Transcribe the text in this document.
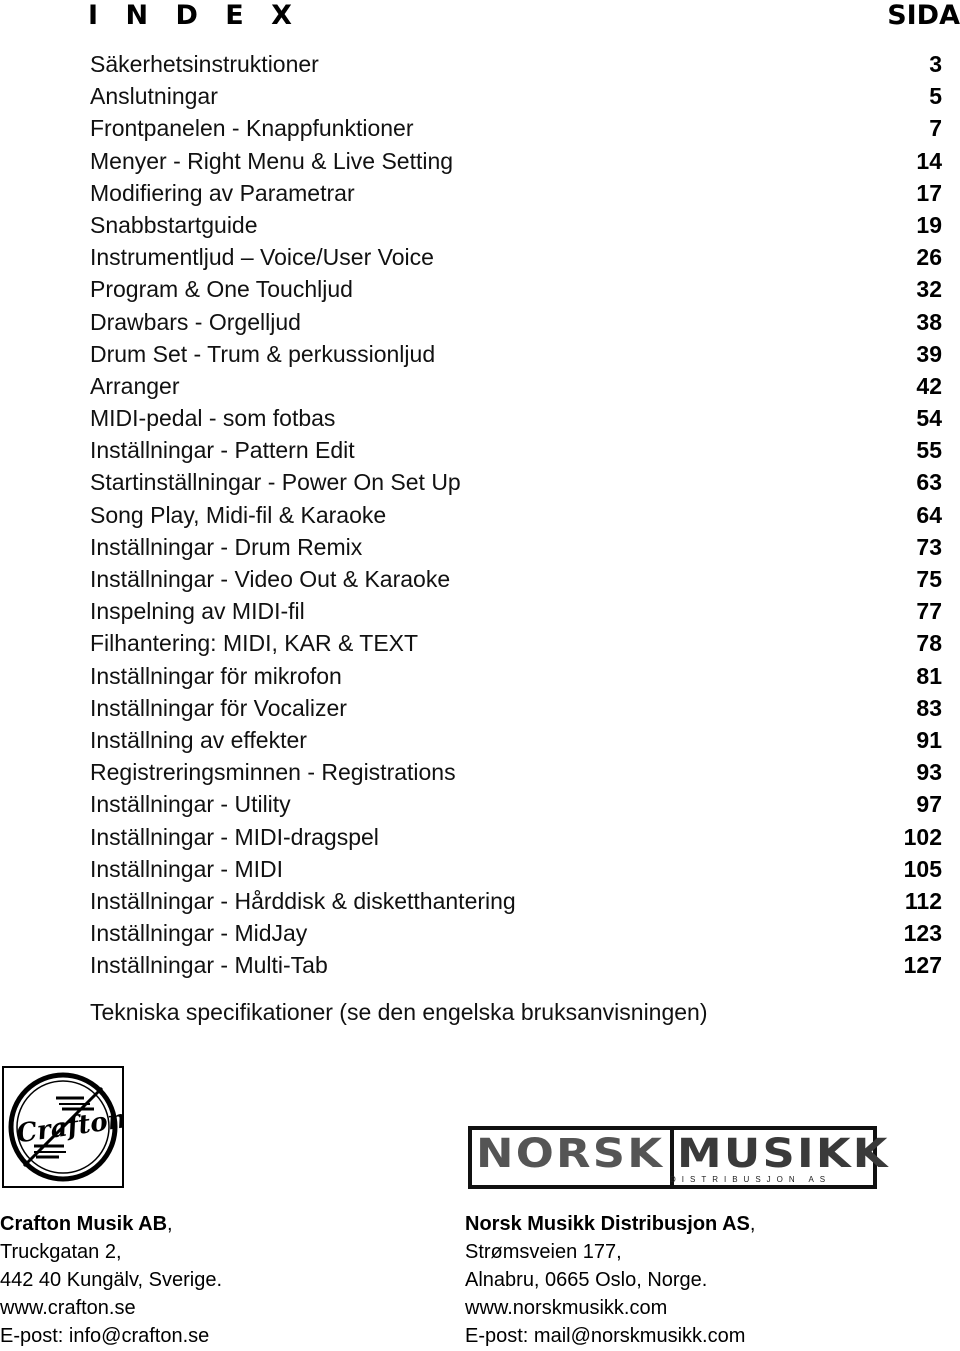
I N D E X	SIDA
Säkerhetsinstruktioner	3
Anslutningar	5
Frontpanelen - Knappfunktioner	7
Menyer - Right Menu & Live Setting	14
Modifiering av Parametrar	17
Snabbstartguide	19
Instrumentljud – Voice/User Voice	26
Program & One Touchljud	32
Drawbars - Orgelljud	38
Drum Set - Trum & perkussionljud	39
Arranger	42
MIDI-pedal - som fotbas	54
Inställningar - Pattern Edit	55
Startinställningar - Power On Set Up	63
Song Play, Midi-fil & Karaoke	64
Inställningar - Drum Remix	73
Inställningar - Video Out & Karaoke	75
Inspelning av MIDI-fil	77
Filhantering: MIDI, KAR & TEXT	78
Inställningar för mikrofon	81
Inställningar för Vocalizer	83
Inställning av effekter	91
Registreringsminnen - Registrations	93
Inställningar - Utility	97
Inställningar - MIDI-dragspel	102
Inställningar - MIDI	105
Inställningar - Hårddisk & disketthantering	112
Inställningar - MidJay	123
Inställningar - Multi-Tab	127
Tekniska specifikationer (se den engelska bruksanvisningen)
Crafton
NORSK MUSIKK
DISTRIBUSJON AS
Crafton Musik AB,
Truckgatan 2,
442 40 Kungälv, Sverige.
www.crafton.se
E-post: info@crafton.se
Norsk Musikk Distribusjon AS,
Strømsveien 177,
Alnabru, 0665 Oslo, Norge.
www.norskmusikk.com
E-post: mail@norskmusikk.com
